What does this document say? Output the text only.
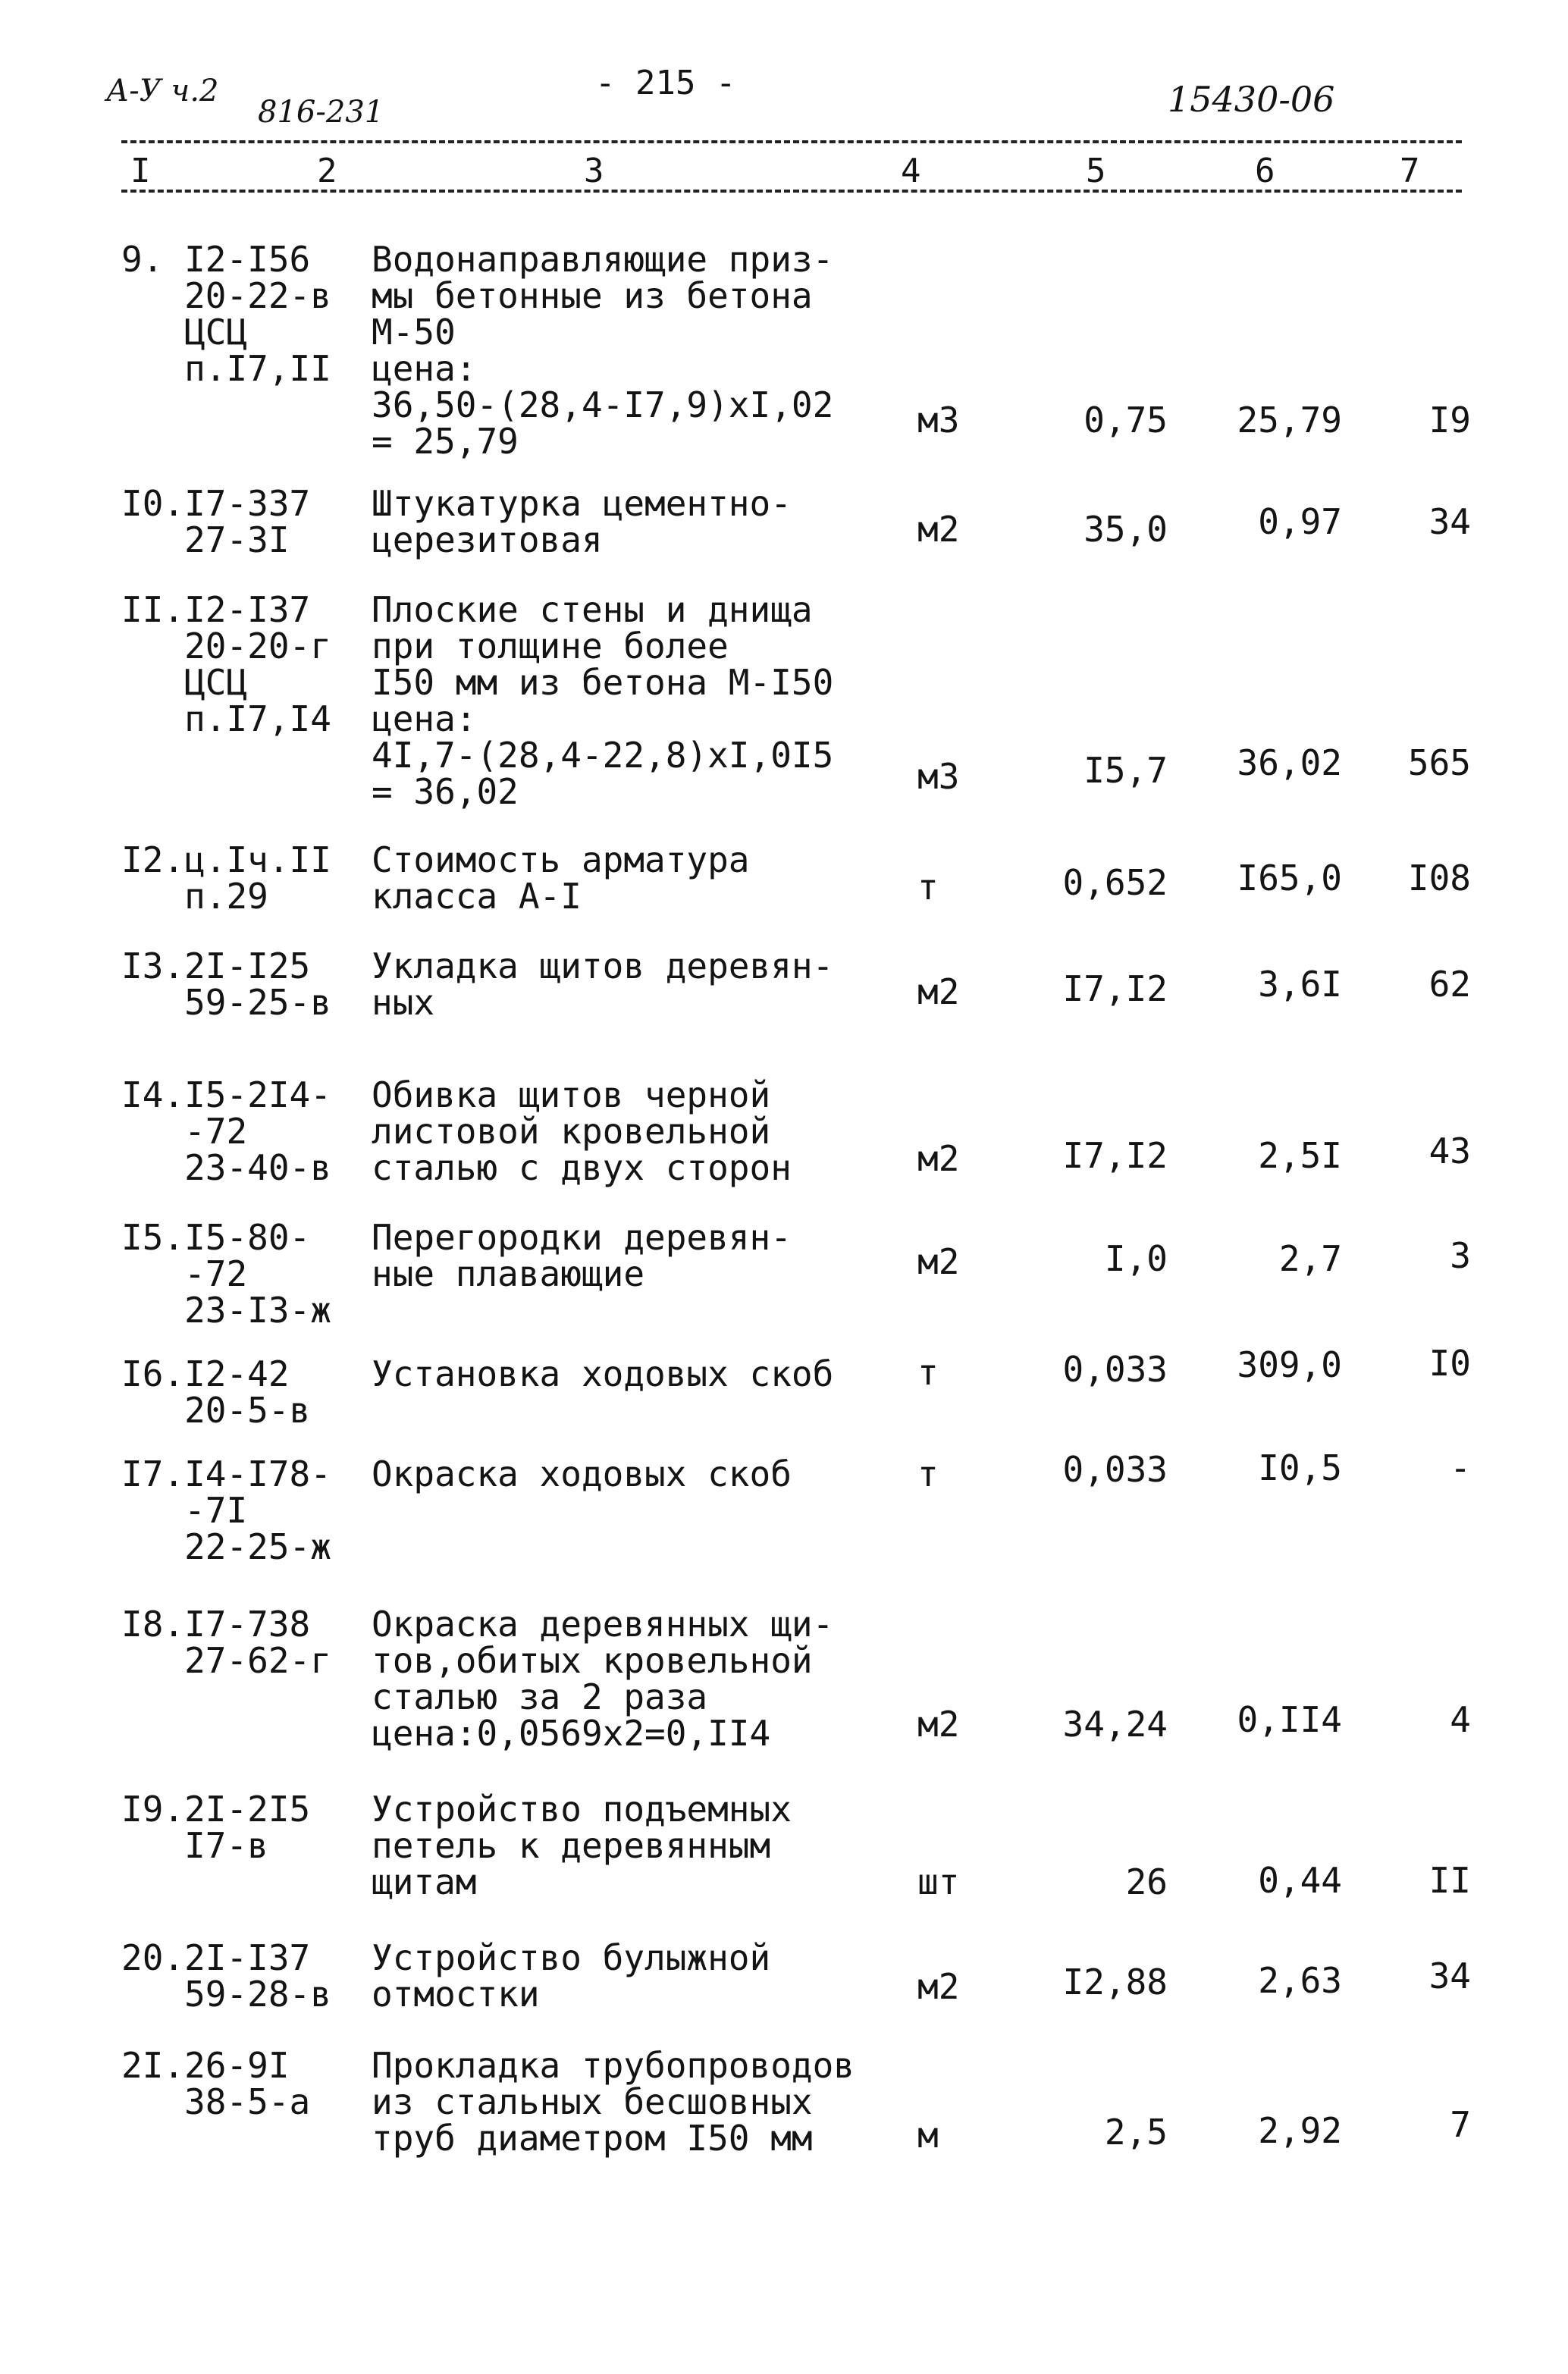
А-У ч.2
816-231
- 215 -	15430-06
I	2	3	4	5	6	7
9. I2-I56
20-22-в
ЦСЦ
п.I7,II
Водонаправляющие приз-
мы бетонные из бетона
М-50
цена:
36,50-(28,4-I7,9)хI,02
= 25,79
м3	0,75	25,79	I9
I0.I7-337
27-3I
Штукатурка цементно-
церезитовая	м2	35,0	0,97	34
II.I2-I37
20-20-г
ЦСЦ
п.I7,I4
Плоские стены и днища
при толщине более
I50 мм из бетона М-I50
цена:
4I,7-(28,4-22,8)хI,0I5
= 36,02	м3	I5,7	36,02	565
I2.ц.Iч.II
п.29
Стоимость арматура
класса А-I	т	0,652	I65,0	I08
I3.2I-I25
59-25-в
Укладка щитов деревян-
ных	м2	I7,I2	3,6I	62
I4.I5-2I4-
-72
23-40-в
Обивка щитов черной
листовой кровельной
сталью с двух сторон	м2	I7,I2	2,5I	43
I5.I5-80-
-72
23-I3-ж
Перегородки деревян-
ные плавающие	м2	I,0	2,7	3
I6.I2-42
20-5-в
Установка ходовых скоб т	0,033	309,0	I0
I7.I4-I78-
-7I
22-25-ж
Окраска ходовых скоб	т	0,033	I0,5	-
I8.I7-738
27-62-г
Окраска деревянных щи-
тов,обитых кровельной
сталью за 2 раза
цена:0,0569х2=0,II4	м2	34,24	0,II4	4
I9.2I-2I5
I7-в
Устройство подъемных
петель к деревянным
щитам	шт	26	0,44	II
20.2I-I37
59-28-в
Устройство булыжной
отмостки	м2	I2,88	2,63	34
2I.26-9I
38-5-а
Прокладка трубопроводов
из стальных бесшовных
труб диаметром I50 мм	м	2,5	2,92	7
